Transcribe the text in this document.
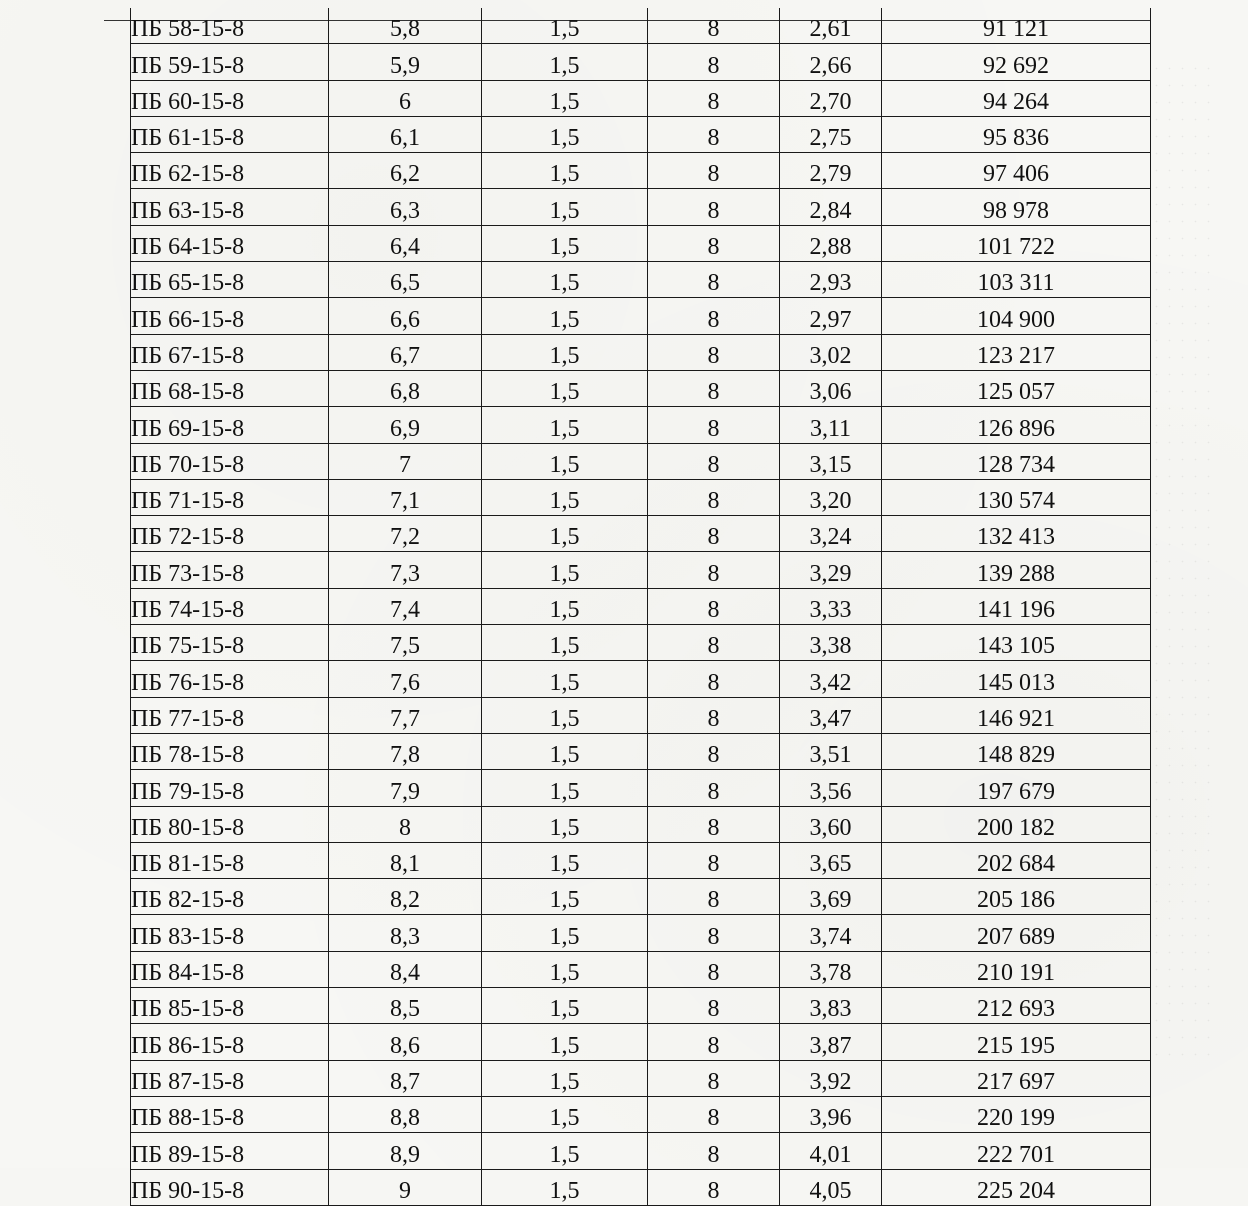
ПБ 58-15-8	5,8	1,5	8	2,61	91 121
ПБ 59-15-8	5,9	1,5	8	2,66	92 692
ПБ 60-15-8	6	1,5	8	2,70	94 264
ПБ 61-15-8	6,1	1,5	8	2,75	95 836
ПБ 62-15-8	6,2	1,5	8	2,79	97 406
ПБ 63-15-8	6,3	1,5	8	2,84	98 978
ПБ 64-15-8	6,4	1,5	8	2,88	101 722
ПБ 65-15-8	6,5	1,5	8	2,93	103 311
ПБ 66-15-8	6,6	1,5	8	2,97	104 900
ПБ 67-15-8	6,7	1,5	8	3,02	123 217
ПБ 68-15-8	6,8	1,5	8	3,06	125 057
ПБ 69-15-8	6,9	1,5	8	3,11	126 896
ПБ 70-15-8	7	1,5	8	3,15	128 734
ПБ 71-15-8	7,1	1,5	8	3,20	130 574
ПБ 72-15-8	7,2	1,5	8	3,24	132 413
ПБ 73-15-8	7,3	1,5	8	3,29	139 288
ПБ 74-15-8	7,4	1,5	8	3,33	141 196
ПБ 75-15-8	7,5	1,5	8	3,38	143 105
ПБ 76-15-8	7,6	1,5	8	3,42	145 013
ПБ 77-15-8	7,7	1,5	8	3,47	146 921
ПБ 78-15-8	7,8	1,5	8	3,51	148 829
ПБ 79-15-8	7,9	1,5	8	3,56	197 679
ПБ 80-15-8	8	1,5	8	3,60	200 182
ПБ 81-15-8	8,1	1,5	8	3,65	202 684
ПБ 82-15-8	8,2	1,5	8	3,69	205 186
ПБ 83-15-8	8,3	1,5	8	3,74	207 689
ПБ 84-15-8	8,4	1,5	8	3,78	210 191
ПБ 85-15-8	8,5	1,5	8	3,83	212 693
ПБ 86-15-8	8,6	1,5	8	3,87	215 195
ПБ 87-15-8	8,7	1,5	8	3,92	217 697
ПБ 88-15-8	8,8	1,5	8	3,96	220 199
ПБ 89-15-8	8,9	1,5	8	4,01	222 701
ПБ 90-15-8	9	1,5	8	4,05	225 204
